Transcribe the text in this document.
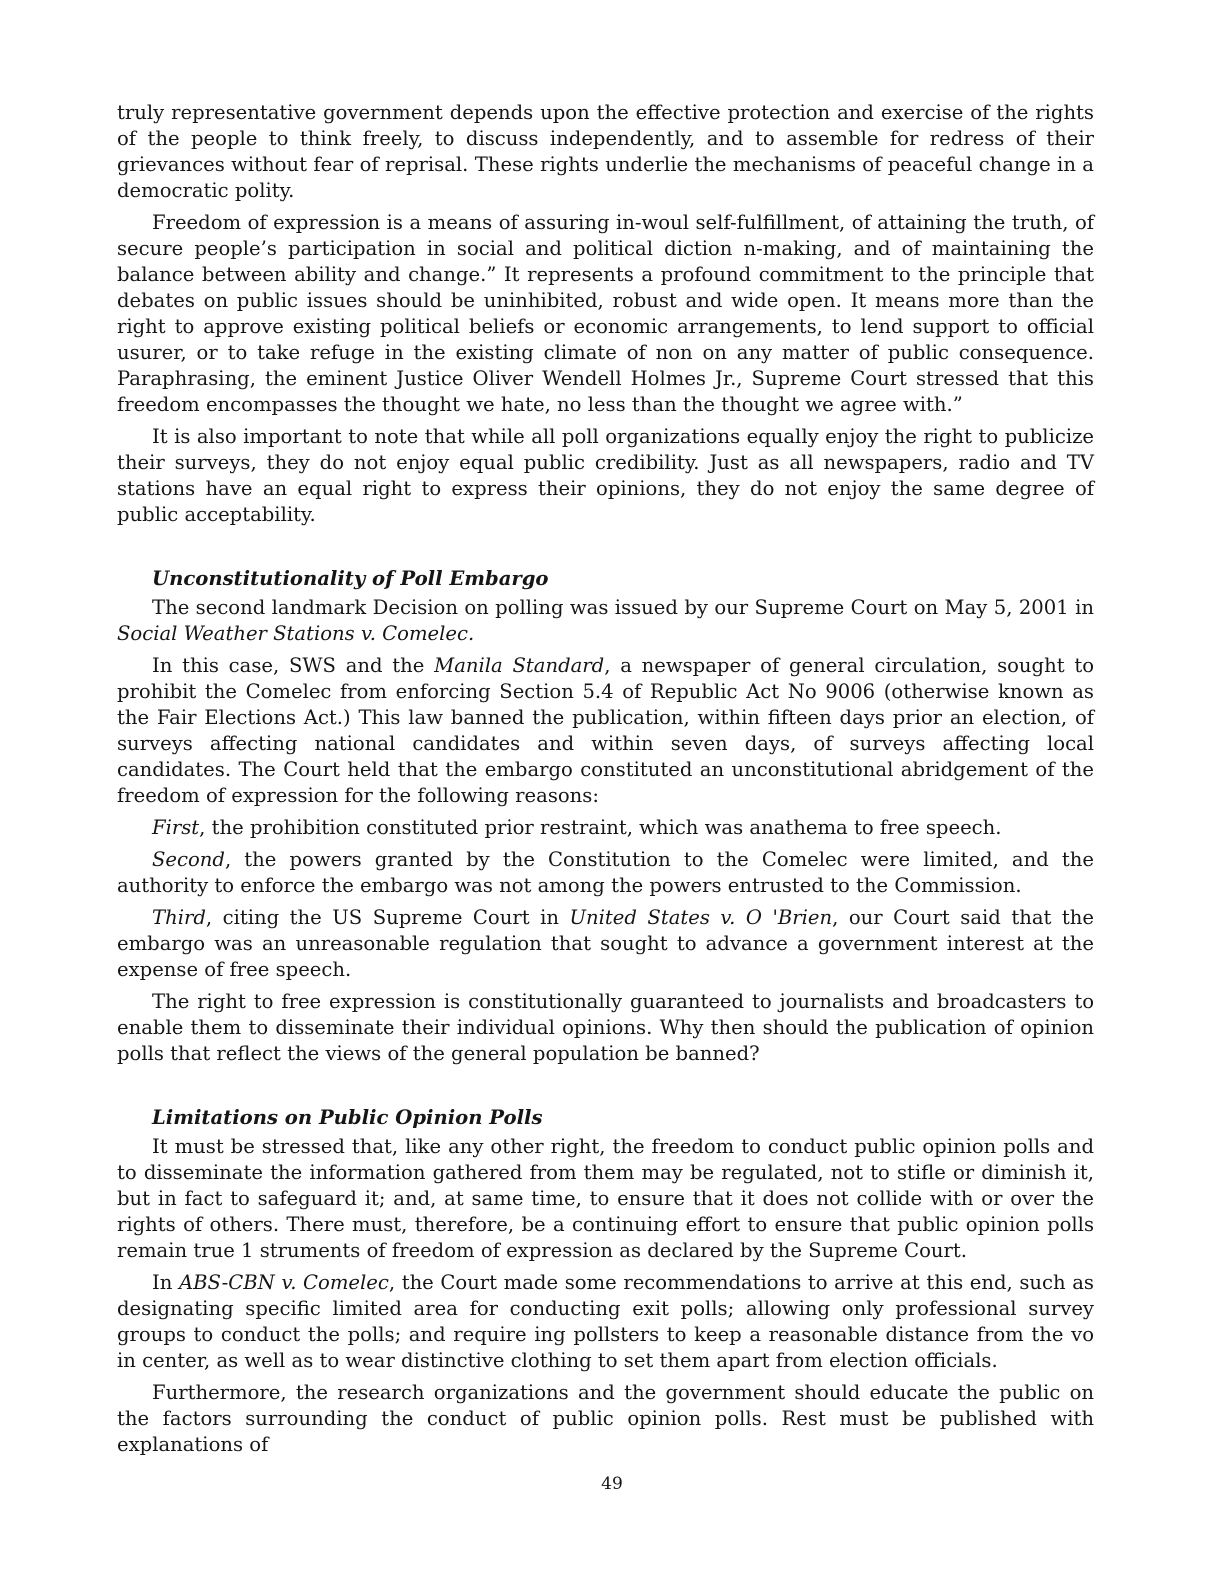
truly representative government depends upon the effective protection and exercise of the rights of the people to think freely, to discuss independently, and to assemble for redress of their grievances without fear of reprisal. These rights underlie the mechanisms of peaceful change in a democratic polity.

Freedom of expression is a means of assuring in-woul self-fulfillment, of attaining the truth, of secure people’s participation in social and political diction n-making, and of maintaining the balance between ability and change.” It represents a profound commitment to the principle that debates on public issues should be uninhibited, robust and wide open. It means more than the right to approve existing political beliefs or economic arrangements, to lend support to official usurer, or to take refuge in the existing climate of non on any matter of public consequence. Paraphrasing, the eminent Justice Oliver Wendell Holmes Jr., Supreme Court stressed that this freedom encompasses the thought we hate, no less than the thought we agree with.”

It is also important to note that while all poll organizations equally enjoy the right to publicize their surveys, they do not enjoy equal public credibility. Just as all newspapers, radio and TV stations have an equal right to express their opinions, they do not enjoy the same degree of public acceptability.

Unconstitutionality of Poll Embargo

The second landmark Decision on polling was issued by our Supreme Court on May 5, 2001 in Social Weather Stations v. Comelec.

In this case, SWS and the Manila Standard, a newspaper of general circulation, sought to prohibit the Comelec from enforcing Section 5.4 of Republic Act No 9006 (otherwise known as the Fair Elections Act.) This law banned the publication, within fifteen days prior an election, of surveys affecting national candidates and within seven days, of surveys affecting local candidates. The Court held that the embargo constituted an unconstitutional abridgement of the freedom of expression for the following reasons:

First, the prohibition constituted prior restraint, which was anathema to free speech.

Second, the powers granted by the Constitution to the Comelec were limited, and the authority to enforce the embargo was not among the powers entrusted to the Commission.

Third, citing the US Supreme Court in United States v. O 'Brien, our Court said that the embargo was an unreasonable regulation that sought to advance a government interest at the expense of free speech.

The right to free expression is constitutionally guaranteed to journalists and broadcasters to enable them to disseminate their individual opinions. Why then should the publication of opinion polls that reflect the views of the general population be banned?

Limitations on Public Opinion Polls

It must be stressed that, like any other right, the freedom to conduct public opinion polls and to disseminate the information gathered from them may be regulated, not to stifle or diminish it, but in fact to safeguard it; and, at same time, to ensure that it does not collide with or over the rights of others. There must, therefore, be a continuing effort to ensure that public opinion polls remain true 1 struments of freedom of expression as declared by the Supreme Court.

In ABS-CBN v. Comelec, the Court made some recommendations to arrive at this end, such as designating specific limited area for conducting exit polls; allowing only professional survey groups to conduct the polls; and require ing pollsters to keep a reasonable distance from the vo in center, as well as to wear distinctive clothing to set them apart from election officials.

Furthermore, the research organizations and the government should educate the public on the factors surrounding the conduct of public opinion polls. Rest must be published with explanations of

49
